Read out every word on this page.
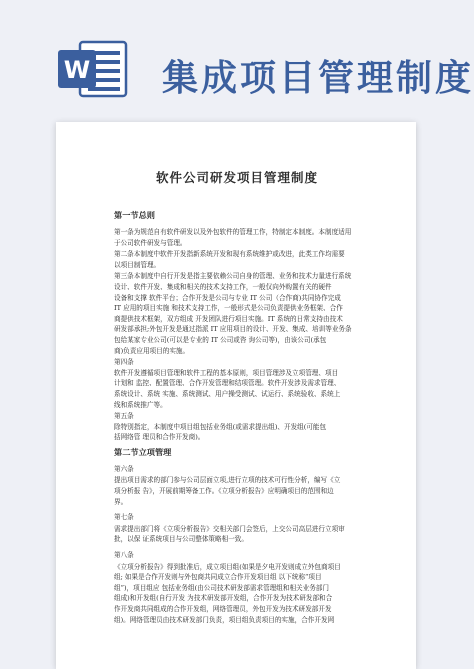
W 集成项目管理制度
软件公司研发项目管理制度
第一节总则
第一条为规范自有软件研发以及外包软件的管理工作，特制定本制度。本制度适用
于公司软件研发与管理。
第二条本制度中软件开发指新系统开发和现有系统维护或改进，此类工作均需要
以项目制管理。
第三条本制度中自行开发是指主要依赖公司自身的管理、业务和技术力量进行系统
设计、软件开发、集成和相关的技术支持工作，一般仅向外购置有关的硬件
设备和支撑 软件平台；合作开发是公司与专业 IT 公司（合作商)共同协作完成
IT 应用的项目实施 和技术支持工作，一般形式是公司负责提供业务框架、合作
商提供技术框架，双方组成 开发团队进行项目实施。IT 系统的日常支持由技术
研发部承担;外包开发是通过指派 IT 应用项目的设计、开发、集成、培训等业务条
包给某家专业公司(可以是专业的 IT 公司或咨 询公司等)，由该公司(承包
商)负责应用项目的实施。
第四条
软件开发遵循项目管理和软件工程的基本原则，项目管理涉及立项管理、项目
计划和 监控、配置管理、合作开发管理和结项管理。软件开发涉及需求管理、
系统设计、系统 实施、系统测试、用户操受测试、试运行、系统验收、系统上
线和系统推广等。
第五条
除特别指定，本制度中项目组包括业务组(或需求提出组)、开发组(可能包
括网络管 理员和合作开发商)。
第二节立项管理
第六条
提出项目需求的部门参与公司层面立项,进行立项的技术可行性分析，编写《立
项分析报 告》，开展前期筹备工作。《立项分析报告》应明确项目的范围和边
界。
第七条
需求提出部门将《立项分析报告》交相关部门会签后，上交公司高层进行立项审
批，以保 证系统项目与公司整体策略相一致。
第八条
《立项分析报告》得到批准后，成立项目组(如果是夕电开发则成立外包商项目
组; 如果是合作开发则与外包商共同成立合作开发项目组 以下统称“项目
组”)，项目组应 包括业务组(由公司技术研发部需求管理组和相关业务部门
组成)和开发组(自行开发 为技术研发部开发组，合作开发为技术研发部和合
作开发商共同组成的合作开发组，网络管理员，外包开发为技术研发部开发
组)。网络管理员由技术研发部门负责，项目组负责项目的实施，合作开发网
